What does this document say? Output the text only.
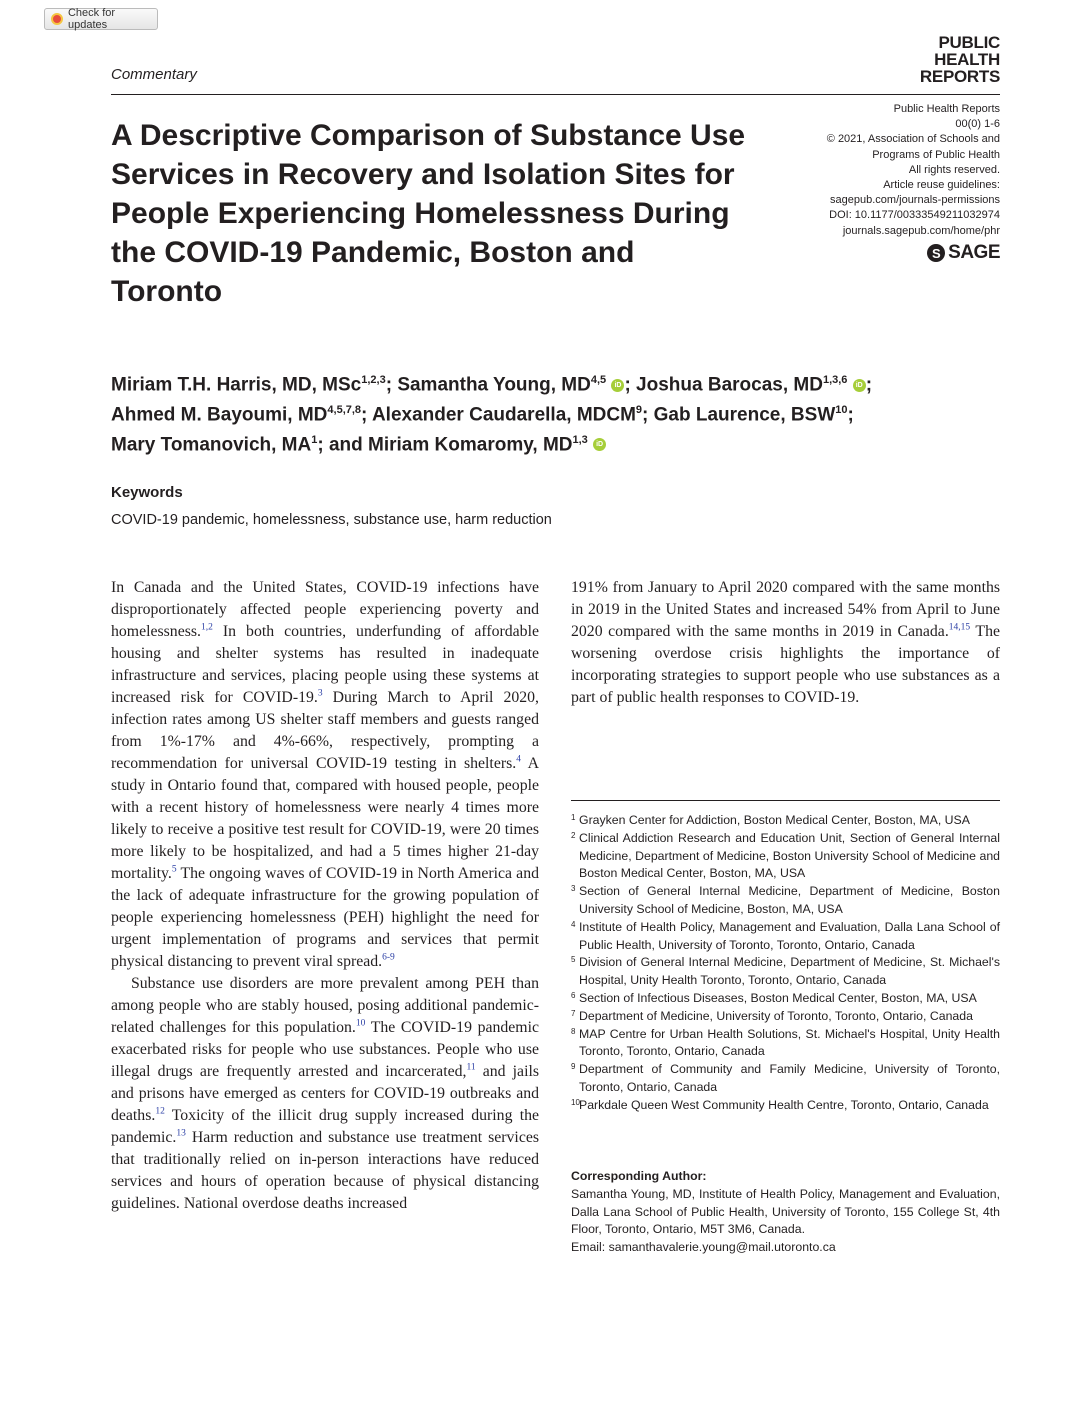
Check for updates
Commentary
PUBLIC
HEALTH
REPORTS
A Descriptive Comparison of Substance Use Services in Recovery and Isolation Sites for People Experiencing Homelessness During the COVID-19 Pandemic, Boston and Toronto
Public Health Reports
00(0) 1-6
© 2021, Association of Schools and
Programs of Public Health
All rights reserved.
Article reuse guidelines:
sagepub.com/journals-permissions
DOI: 10.1177/00333549211032974
journals.sagepub.com/home/phr
S SAGE
Miriam T.H. Harris, MD, MSc$^{1,2,3}$; Samantha Young, MD$^{4,5}$ iD ; Joshua Barocas, MD$^{1,3,6}$ iD ;
Ahmed M. Bayoumi, MD$^{4,5,7,8}$; Alexander Caudarella, MDCM$^9$; Gab Laurence, BSW$^{10}$;
Mary Tomanovich, $MA^1$; and Miriam Komaromy, MD$^{1,3}$ iD
Keywords
COVID-19 pandemic, homelessness, substance use, harm reduction

In Canada and the United States, COVID-19 infections have disproportionately affected people experiencing poverty and homelessness.$^{1,2}$ In both countries, underfunding of affordable housing and shelter systems has resulted in inadequate infrastructure and services, placing people using these systems at increased risk for COVID-19.$^3$ During March to April 2020, infection rates among US shelter staff members and guests ranged from 1%-17% and 4%-66%, respectively, prompting a recommendation for universal COVID-19 testing in shelters.$^4$ A study in Ontario found that, compared with housed people, people with a recent history of homelessness were nearly 4 times more likely to receive a positive test result for COVID-19, were 20 times more likely to be hospitalized, and had a 5 times higher 21-day mortality.$^5$ The ongoing waves of COVID-19 in North America and the lack of adequate infrastructure for the growing population of people experiencing homelessness (PEH) highlight the need for urgent implementation of programs and services that permit physical distancing to prevent viral spread.$^{6-9}$

Substance use disorders are more prevalent among PEH than among people who are stably housed, posing additional pandemic-related challenges for this population.$^{10}$ The COVID-19 pandemic exacerbated risks for people who use substances. People who use illegal drugs are frequently arrested and incarcerated,$^{11}$ and jails and prisons have emerged as centers for COVID-19 outbreaks and deaths.$^{12}$ Toxicity of the illicit drug supply increased during the pandemic.$^{13}$ Harm reduction and substance use treatment services that traditionally relied on in-person interactions have reduced services and hours of operation because of physical distancing guidelines. National overdose deaths increased

191% from January to April 2020 compared with the same months in 2019 in the United States and increased 54% from April to June 2020 compared with the same months in 2019 in Canada.$^{14,15}$ The worsening overdose crisis highlights the importance of incorporating strategies to support people who use substances as a part of public health responses to COVID-19.

1 Grayken Center for Addiction, Boston Medical Center, Boston, MA, USA
2 Clinical Addiction Research and Education Unit, Section of General Internal Medicine, Department of Medicine, Boston University School of Medicine and Boston Medical Center, Boston, MA, USA
3 Section of General Internal Medicine, Department of Medicine, Boston University School of Medicine, Boston, MA, USA
4 Institute of Health Policy, Management and Evaluation, Dalla Lana School of Public Health, University of Toronto, Toronto, Ontario, Canada
5 Division of General Internal Medicine, Department of Medicine, St. Michael's Hospital, Unity Health Toronto, Toronto, Ontario, Canada
6 Section of Infectious Diseases, Boston Medical Center, Boston, MA, USA
7 Department of Medicine, University of Toronto, Toronto, Ontario, Canada
8 MAP Centre for Urban Health Solutions, St. Michael's Hospital, Unity Health Toronto, Toronto, Ontario, Canada
9 Department of Community and Family Medicine, University of Toronto, Toronto, Ontario, Canada
10 Parkdale Queen West Community Health Centre, Toronto, Ontario, Canada
Corresponding Author:
Samantha Young, MD, Institute of Health Policy, Management and Evaluation, Dalla Lana School of Public Health, University of Toronto, 155 College St, 4th Floor, Toronto, Ontario, M5T 3M6, Canada.
Email: samanthavalerie.young@mail.utoronto.ca
